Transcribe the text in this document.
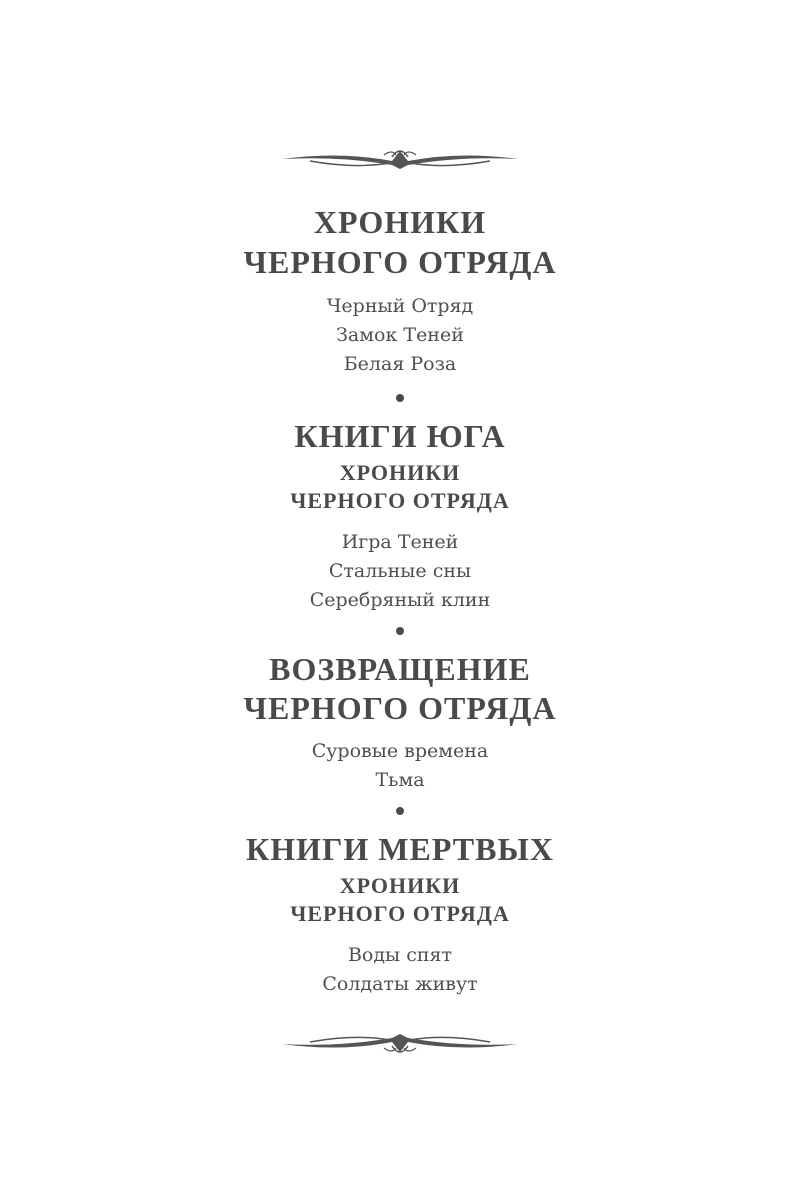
ХРОНИКИ
ЧЕРНОГО ОТРЯДА
Черный Отряд
Замок Теней
Белая Роза
КНИГИ ЮГА
ХРОНИКИ
ЧЕРНОГО ОТРЯДА
Игра Теней
Стальные сны
Серебряный клин
ВОЗВРАЩЕНИЕ
ЧЕРНОГО ОТРЯДА
Суровые времена
Тьма
КНИГИ МЕРТВЫХ
ХРОНИКИ
ЧЕРНОГО ОТРЯДА
Воды спят
Солдаты живут
